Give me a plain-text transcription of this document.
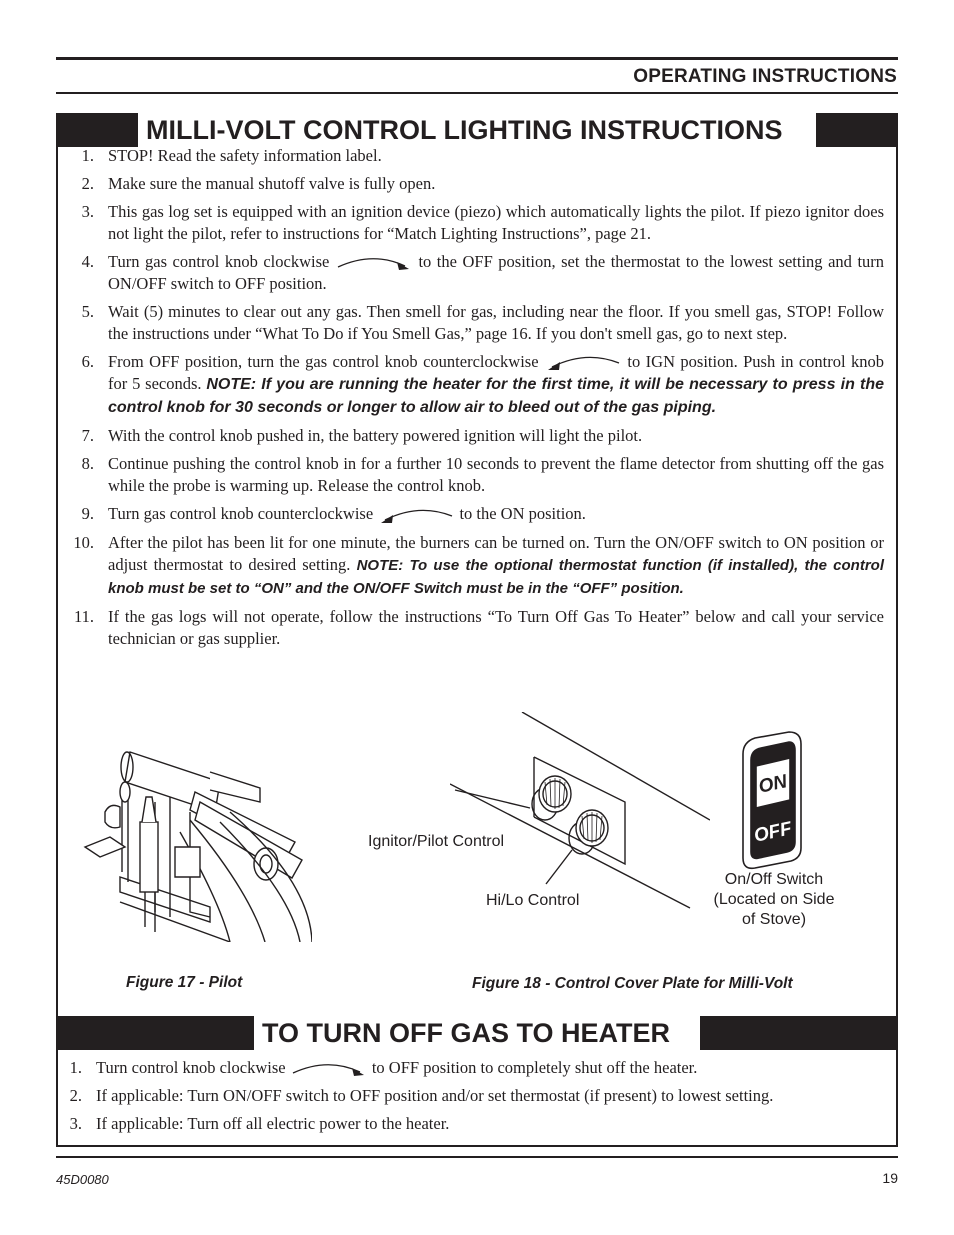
OPERATING INSTRUCTIONS
MILLI-VOLT CONTROL LIGHTING INSTRUCTIONS
1. STOP! Read the safety information label.
2. Make sure the manual shutoff valve is fully open.
3. This gas log set is equipped with an ignition device (piezo) which automatically lights the pilot. If piezo ignitor does not light the pilot, refer to instructions for “Match Lighting Instructions”, page 21.
4. Turn gas control knob clockwise	to the OFF position, set the thermostat to the lowest setting and turn ON/OFF switch to OFF position.
5. Wait (5) minutes to clear out any gas. Then smell for gas, including near the floor. If you smell gas, STOP! Follow the instructions under “What To Do if You Smell Gas,” page 16. If you don't smell gas, go to next step.
6. From OFF position, turn the gas control knob counterclockwise	to IGN position. Push in control knob for 5 seconds. NOTE: If you are running the heater for the first time, it will be necessary to press in the control knob for 30 seconds or longer to allow air to bleed out of the gas piping.
7. With the control knob pushed in, the battery powered ignition will light the pilot.
8. Continue pushing the control knob in for a further 10 seconds to prevent the flame detector from shutting off the gas while the probe is warming up. Release the control knob.
9. Turn gas control knob counterclockwise	to the ON position.
10. After the pilot has been lit for one minute, the burners can be turned on. Turn the ON/OFF switch to ON position or adjust thermostat to desired setting. NOTE: To use the optional thermostat function (if installed), the control knob must be set to “ON” and the ON/OFF Switch must be in the “OFF” position.
11. If the gas logs will not operate, follow the instructions “To Turn Off Gas To Heater” below and call your service technician or gas supplier.
ON
OFF
Ignitor/Pilot Control
Hi/Lo Control
On/Off Switch
(Located on Side
of Stove)
Figure 17 - Pilot	Figure 18 - Control Cover Plate for Milli-Volt
TO TURN OFF GAS TO HEATER
1. Turn control knob clockwise	to OFF position to completely shut off the heater.
2. If applicable: Turn ON/OFF switch to OFF position and/or set thermostat (if present) to lowest setting.
3. If applicable: Turn off all electric power to the heater.
45D0080	19
